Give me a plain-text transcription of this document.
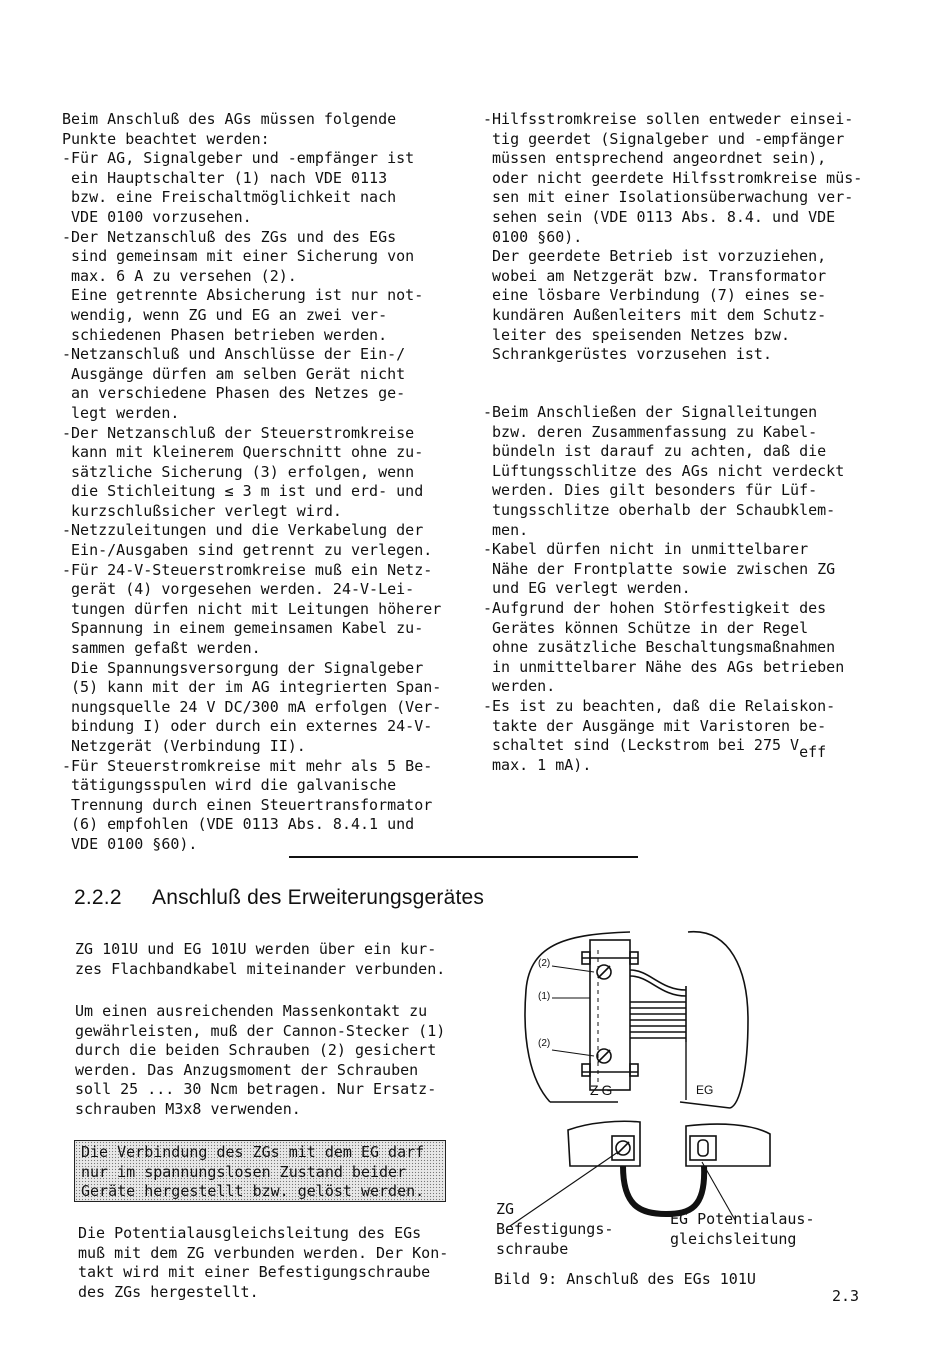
Beim Anschluß des AGs müssen folgende
Punkte beachtet werden:
-Für AG, Signalgeber und -empfänger ist
ein Hauptschalter (1) nach VDE 0113
bzw. eine Freischaltmöglichkeit nach
VDE 0100 vorzusehen.
-Der Netzanschluß des ZGs und des EGs
sind gemeinsam mit einer Sicherung von
max. 6 A zu versehen (2).
Eine getrennte Absicherung ist nur not-
wendig, wenn ZG und EG an zwei ver-
schiedenen Phasen betrieben werden.
-Netzanschluß und Anschlüsse der Ein-/
Ausgänge dürfen am selben Gerät nicht
an verschiedene Phasen des Netzes ge-
legt werden.
-Der Netzanschluß der Steuerstromkreise
kann mit kleinerem Querschnitt ohne zu-
sätzliche Sicherung (3) erfolgen, wenn
die Stichleitung ≤ 3 m ist und erd- und
kurzschlußsicher verlegt wird.
-Netzzuleitungen und die Verkabelung der
Ein-/Ausgaben sind getrennt zu verlegen.
-Für 24-V-Steuerstromkreise muß ein Netz-
gerät (4) vorgesehen werden. 24-V-Lei-
tungen dürfen nicht mit Leitungen höherer
Spannung in einem gemeinsamen Kabel zu-
sammen gefaßt werden.
Die Spannungsversorgung der Signalgeber
(5) kann mit der im AG integrierten Span-
nungsquelle 24 V DC/300 mA erfolgen (Ver-
bindung I) oder durch ein externes 24-V-
Netzgerät (Verbindung II).
-Für Steuerstromkreise mit mehr als 5 Be-
tätigungsspulen wird die galvanische
Trennung durch einen Steuertransformator
(6) empfohlen (VDE 0113 Abs. 8.4.1 und
VDE 0100 §60).
-Hilfsstromkreise sollen entweder einsei-
tig geerdet (Signalgeber und -empfänger
müssen entsprechend angeordnet sein),
oder nicht geerdete Hilfsstromkreise müs-
sen mit einer Isolationsüberwachung ver-
sehen sein (VDE 0113 Abs. 8.4. und VDE
0100 §60).
Der geerdete Betrieb ist vorzuziehen,
wobei am Netzgerät bzw. Transformator
eine lösbare Verbindung (7) eines se-
kundären Außenleiters mit dem Schutz-
leiter des speisenden Netzes bzw.
Schrankgerüstes vorzusehen ist.
-Beim Anschließen der Signalleitungen
bzw. deren Zusammenfassung zu Kabel-
bündeln ist darauf zu achten, daß die
Lüftungsschlitze des AGs nicht verdeckt
werden. Dies gilt besonders für Lüf-
tungsschlitze oberhalb der Schaubklem-
men.
-Kabel dürfen nicht in unmittelbarer
Nähe der Frontplatte sowie zwischen ZG
und EG verlegt werden.
-Aufgrund der hohen Störfestigkeit des
Gerätes können Schütze in der Regel
ohne zusätzliche Beschaltungsmaßnahmen
in unmittelbarer Nähe des AGs betrieben
werden.
-Es ist zu beachten, daß die Relaiskon-
takte der Ausgänge mit Varistoren be-
schaltet sind (Leckstrom bei 275 Veff
max. 1 mA).
2.2.2 Anschluß des Erweiterungsgerätes
ZG 101U und EG 101U werden über ein kur-
zes Flachbandkabel miteinander verbunden.
Um einen ausreichenden Massenkontakt zu
gewährleisten, muß der Cannon-Stecker (1)
durch die beiden Schrauben (2) gesichert
werden. Das Anzugsmoment der Schrauben
soll 25 ... 30 Ncm betragen. Nur Ersatz-
schrauben M3x8 verwenden.
Die Verbindung des ZGs mit dem EG darf
nur im spannungslosen Zustand beider
Geräte hergestellt bzw. gelöst werden.
Die Potentialausgleichsleitung des EGs
muß mit dem ZG verbunden werden. Der Kon-
takt wird mit einer Befestigungschraube
des ZGs hergestellt.
(2)
(1)
(2)
ZG	EG
ZG
Befestigungs-
schraube
EG Potentialaus-
gleichsleitung
Bild 9: Anschluß des EGs 101U
2.3
